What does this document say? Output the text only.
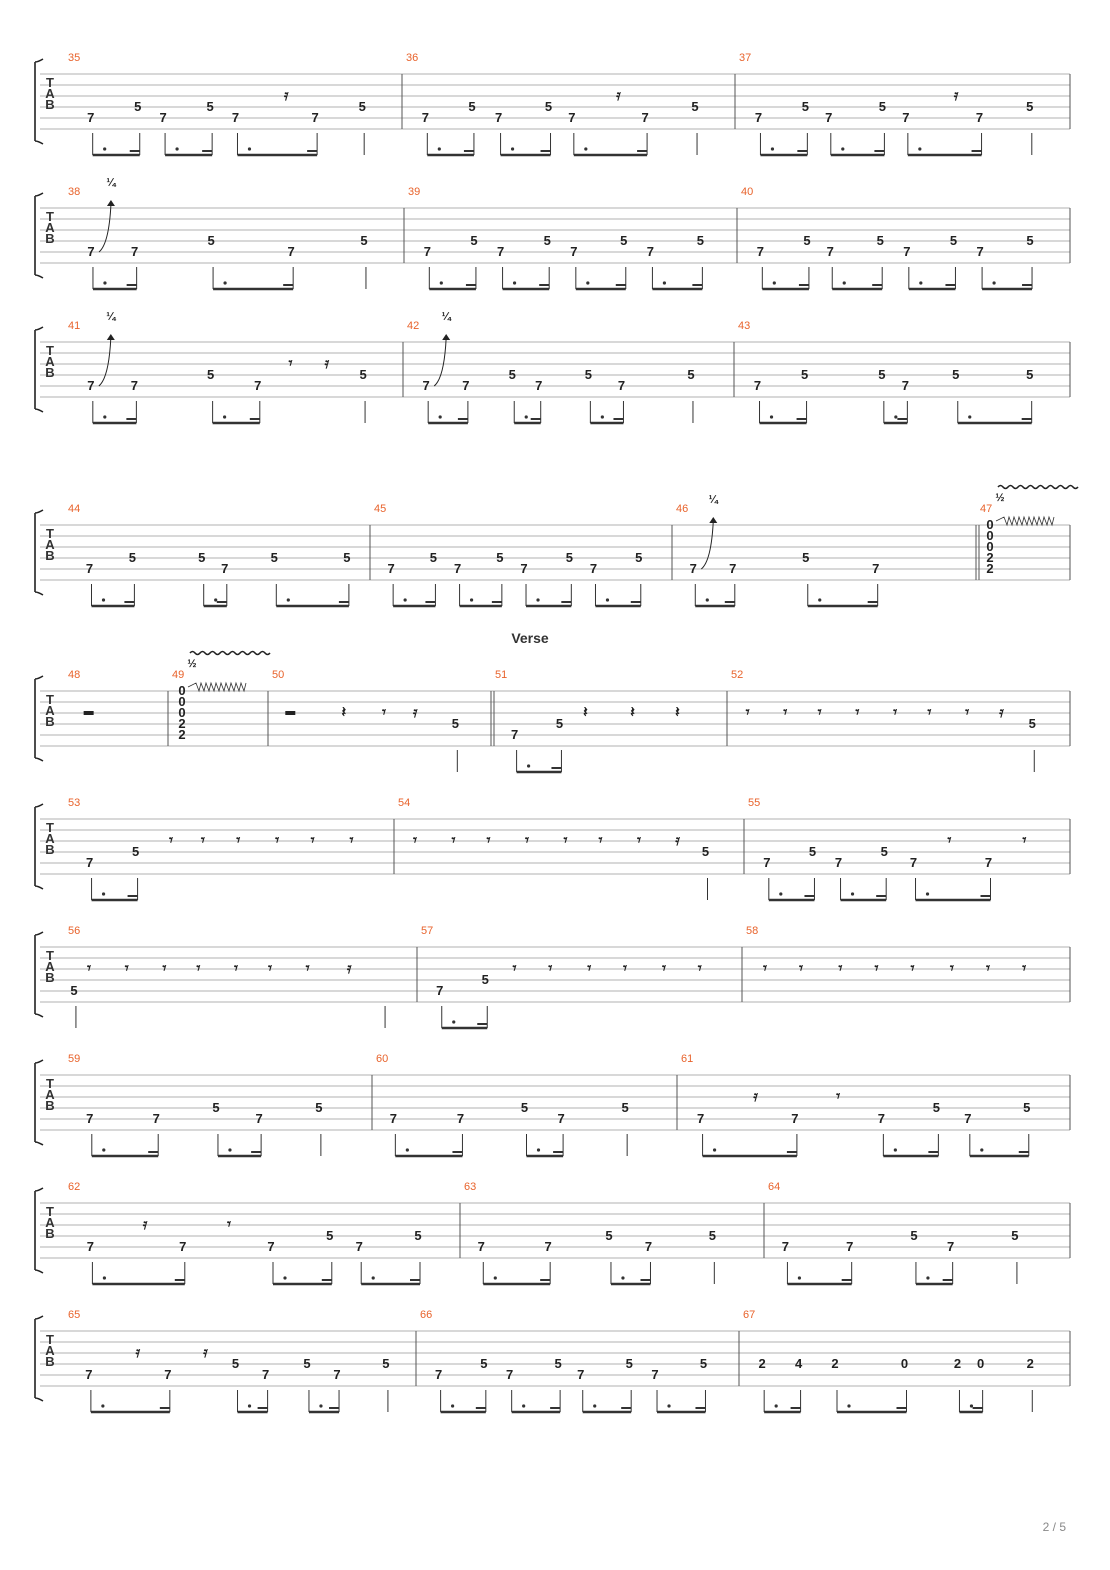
𝄿	𝄿	𝄿
T
A
B
35
7
5
7
5
7	7
5
36
7
5
7
5
7	7
5
37
7
5
7
5
7	7
5
T
A
B
38
7	7
5
7
5
¼
39
7
5
7
5
7
5
7
5
40
7
5
7
5
7
5
7
5
𝄾 𝄿
T
A
B
41
7	7
5
7
5
¼
42
7 7
5
7
5
7
5
¼
43
7
5	5
7
5	5
T
A
B
44
7
5	5
7
5	5
45
7
5
7
5
7
5
7
5
46
7 7
5
7
¼
47
0
0
0
2
2
½
𝄽 𝄾 𝄿	𝄽	𝄽	𝄽	𝄾 𝄾 𝄾 𝄾 𝄾 𝄾 𝄾 𝄿
T
A
B
48	49
0
0
0
2
2
½
50
5
51
7
5
52
5
𝄾 𝄾 𝄾 𝄾 𝄾 𝄾	𝄾 𝄾 𝄾 𝄾 𝄾 𝄾 𝄾 𝄿	𝄾	𝄾
T
A
B
53
7
5
54
5
55
7
5
7
5
7	7
𝄾 𝄾 𝄾 𝄾 𝄾 𝄾 𝄾 𝄿	𝄾 𝄾 𝄾 𝄾 𝄾 𝄾	𝄾 𝄾 𝄾 𝄾 𝄾 𝄾 𝄾 𝄾
T
A
B
56
5
57
7
5
58
𝄿	𝄾
T
A
B
59
7	7
5
7
5
60
7	7
5
7
5
61
7	7	7
5
7
5
𝄿	𝄾
T
A
B
62
7	7	7
5
7
5
63
7	7
5
7
5
64
7	7
5
7
5
𝄿	𝄿
T
A
B
65
7	7
5
7
5
7
5
66
7
5
7
5
7
5
7
5
67
2 4 2	0	2 0	2
Verse
2 / 5
